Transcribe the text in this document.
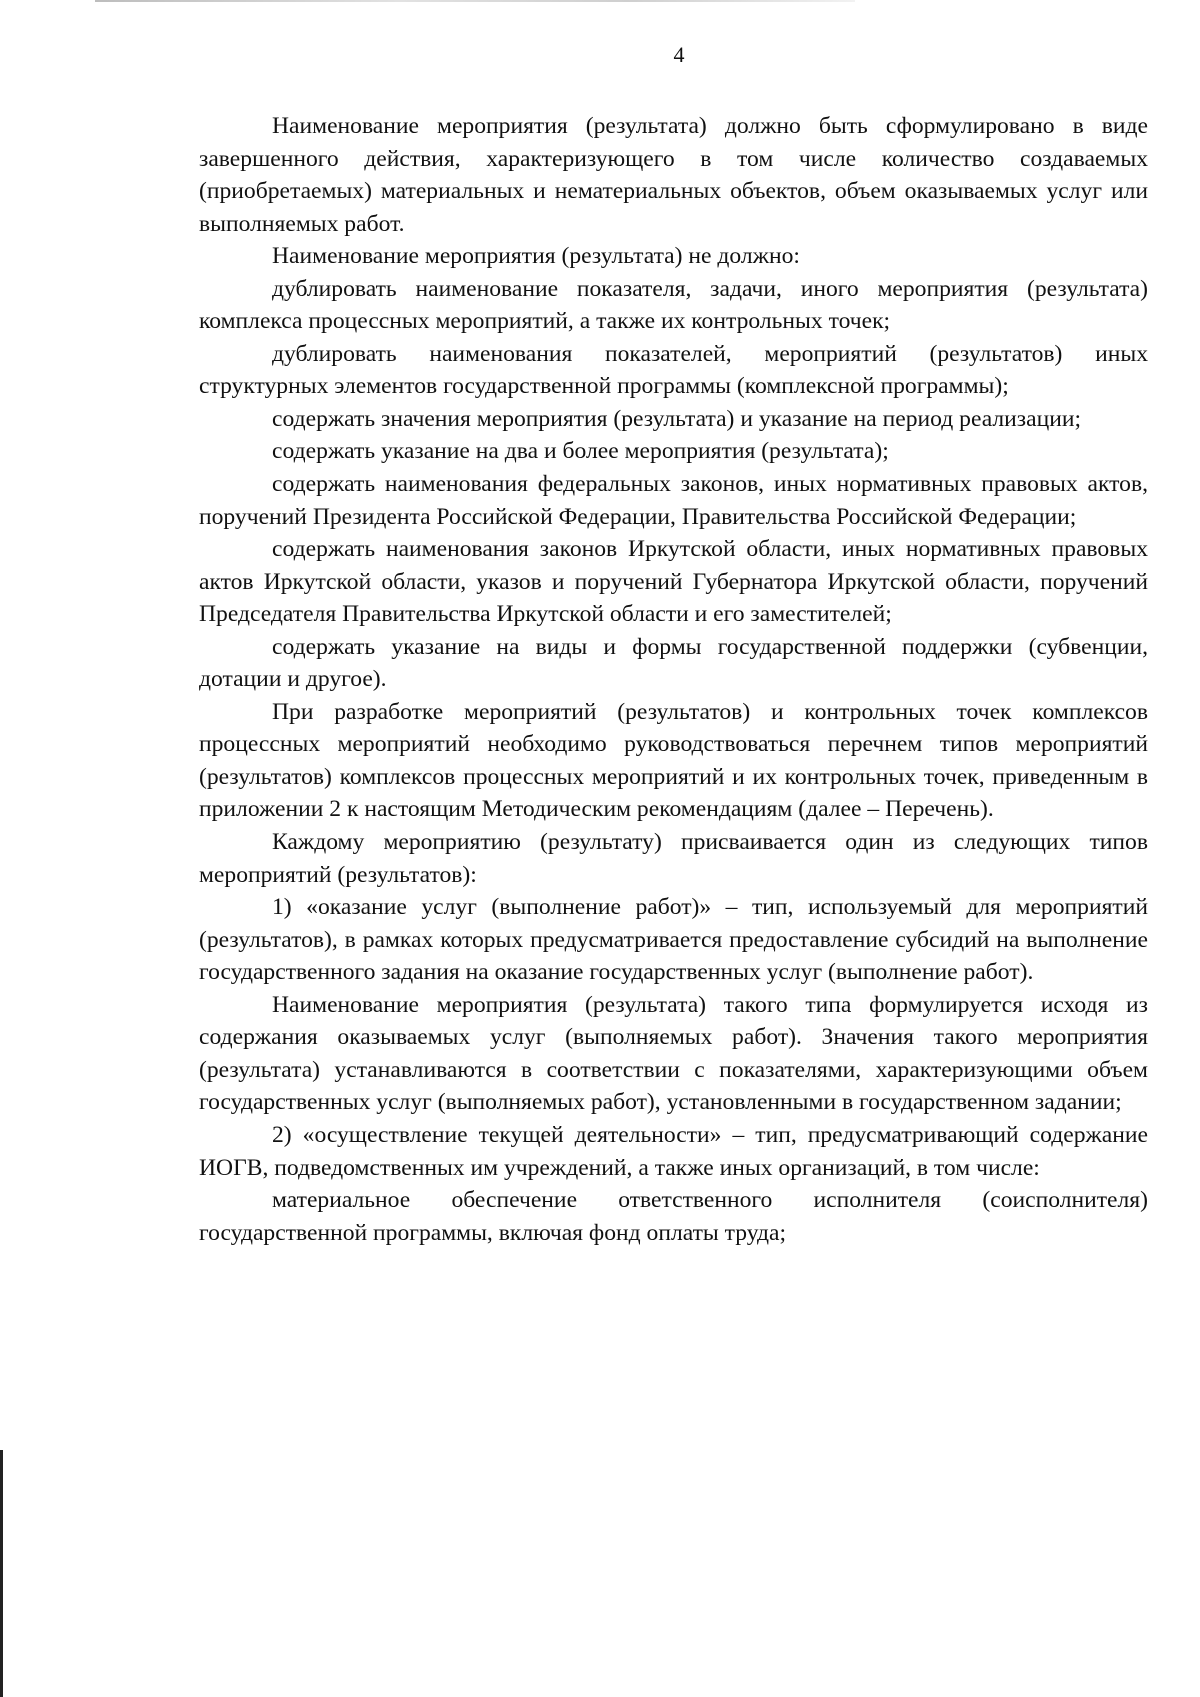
4

Наименование мероприятия (результата) должно быть сформулировано в виде завершенного действия, характеризующего в том числе количество создаваемых (приобретаемых) материальных и нематериальных объектов, объем оказываемых услуг или выполняемых работ.

Наименование мероприятия (результата) не должно:

дублировать наименование показателя, задачи, иного мероприятия (результата) комплекса процессных мероприятий, а также их контрольных точек;

дублировать наименования показателей, мероприятий (результатов) иных структурных элементов государственной программы (комплексной программы);

содержать значения мероприятия (результата) и указание на период реализации;

содержать указание на два и более мероприятия (результата);

содержать наименования федеральных законов, иных нормативных правовых актов, поручений Президента Российской Федерации, Правительства Российской Федерации;

содержать наименования законов Иркутской области, иных нормативных правовых актов Иркутской области, указов и поручений Губернатора Иркутской области, поручений Председателя Правительства Иркутской области и его заместителей;

содержать указание на виды и формы государственной поддержки (субвенции, дотации и другое).

При разработке мероприятий (результатов) и контрольных точек комплексов процессных мероприятий необходимо руководствоваться перечнем типов мероприятий (результатов) комплексов процессных мероприятий и их контрольных точек, приведенным в приложении 2 к настоящим Методическим рекомендациям (далее – Перечень).

Каждому мероприятию (результату) присваивается один из следующих типов мероприятий (результатов):

1) «оказание услуг (выполнение работ)» – тип, используемый для мероприятий (результатов), в рамках которых предусматривается предоставление субсидий на выполнение государственного задания на оказание государственных услуг (выполнение работ).

Наименование мероприятия (результата) такого типа формулируется исходя из содержания оказываемых услуг (выполняемых работ). Значения такого мероприятия (результата) устанавливаются в соответствии с показателями, характеризующими объем государственных услуг (выполняемых работ), установленными в государственном задании;

2) «осуществление текущей деятельности» – тип, предусматривающий содержание ИОГВ, подведомственных им учреждений, а также иных организаций, в том числе:

материальное обеспечение ответственного исполнителя (соисполнителя) государственной программы, включая фонд оплаты труда;
